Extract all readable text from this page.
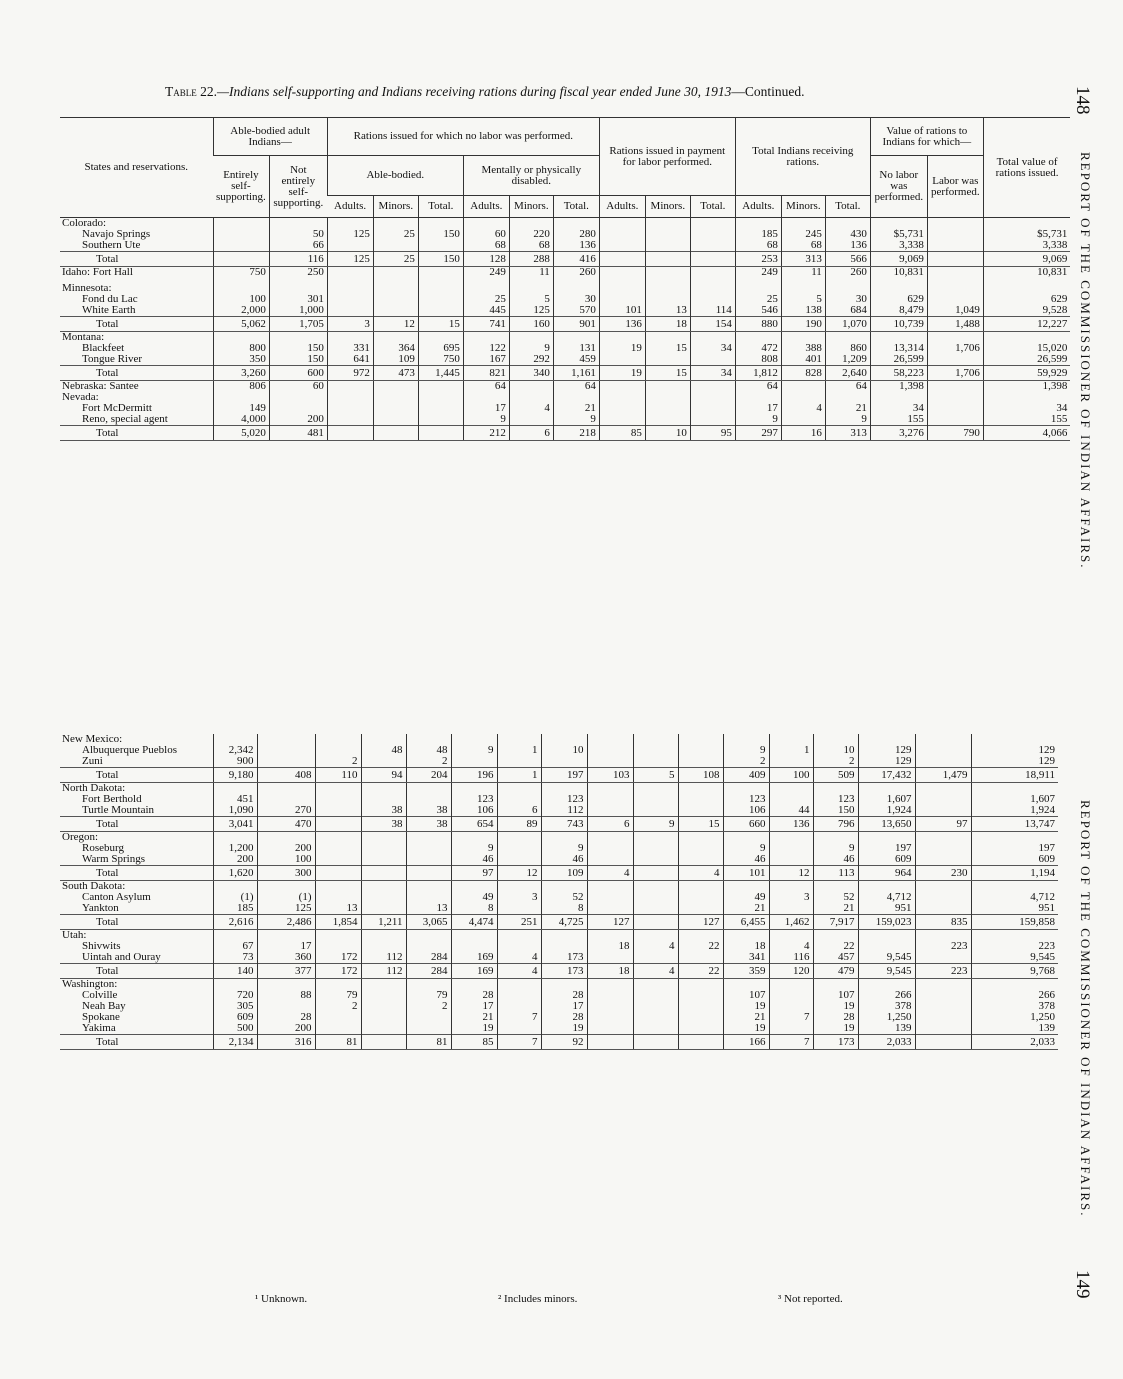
Table 22.—Indians self-supporting and Indians receiving rations during fiscal year ended June 30, 1913—Continued.	148
REPORT OF THE COMMISSIONER OF INDIAN AFFAIRS.
REPORT OF THE COMMISSIONER OF INDIAN AFFAIRS.
149
States and reservations.	Able-bodied adult Indians—		Rations issued for which no labor was performed.						Rations issued in payment for labor performed.			Total Indians receiving rations.			Value of rations to Indians for which—		Total value of rations issued.
	Entirely self-supporting.	Not entirely self-supporting.	Able-bodied.			Mentally or physically disabled.									No labor was performed.	Labor was performed.	
			Adults.	Minors.	Total.	Adults.	Minors.	Total.	Adults.	Minors.	Total.	Adults.	Minors.	Total.			
Colorado:																	
Navajo Springs		50	125	25	150	60	220	280				185	245	430	$5,731		$5,731
Southern Ute		66				68	68	136				68	68	136	3,338		3,338
Total		116	125	25	150	128	288	416				253	313	566	9,069		9,069
Idaho: Fort Hall	750	250				249	11	260				249	11	260	10,831		10,831

Minnesota:																	
Fond du Lac	100	301				25	5	30				25	5	30	629		629
White Earth	2,000	1,000				445	125	570	101	13	114	546	138	684	8,479	1,049	9,528
Total	5,062	1,705	3	12	15	741	160	901	136	18	154	880	190	1,070	10,739	1,488	12,227
Montana:																	
Blackfeet	800	150	331	364	695	122	9	131	19	15	34	472	388	860	13,314	1,706	15,020
Tongue River	350	150	641	109	750	167	292	459				808	401	1,209	26,599		26,599
Total	3,260	600	972	473	1,445	821	340	1,161	19	15	34	1,812	828	2,640	58,223	1,706	59,929
Nebraska: Santee	806	60				64		64				64		64	1,398		1,398
Nevada:																	
Fort McDermitt	149					17	4	21				17	4	21	34		34
Reno, special agent	4,000	200				9		9				9		9	155		155
Total	5,020	481				212	6	218	85	10	95	297	16	313	3,276	790	4,066
New Mexico:																	
Albuquerque Pueblos	2,342			48	48	9	1	10				9	1	10	129		129
Zuni	900		2		2							2		2	129		129
Total	9,180	408	110	94	204	196	1	197	103	5	108	409	100	509	17,432	1,479	18,911
North Dakota:																	
Fort Berthold	451					123		123				123		123	1,607		1,607
Turtle Mountain	1,090	270		38	38	106	6	112				106	44	150	1,924		1,924
Total	3,041	470		38	38	654	89	743	6	9	15	660	136	796	13,650	97	13,747
Oregon:																	
Roseburg	1,200	200				9		9				9		9	197		197
Warm Springs	200	100				46		46				46		46	609		609
Total	1,620	300				97	12	109	4		4	101	12	113	964	230	1,194
South Dakota:																	
Canton Asylum	(1)	(1)				49	3	52				49	3	52	4,712		4,712
Yankton	185	125	13		13	8		8				21		21	951		951
Total	2,616	2,486	1,854	1,211	3,065	4,474	251	4,725	127		127	6,455	1,462	7,917	159,023	835	159,858
Utah:																	
Shivwits	67	17							18	4	22	18	4	22		223	223
Uintah and Ouray	73	360	172	112	284	169	4	173				341	116	457	9,545		9,545
Total	140	377	172	112	284	169	4	173	18	4	22	359	120	479	9,545	223	9,768
Washington:																	
Colville	720	88	79		79	28		28				107		107	266		266
Neah Bay	305		2		2	17		17				19		19	378		378
Spokane	609	28				21	7	28				21	7	28	1,250		1,250
Yakima	500	200				19		19				19		19	139		139
Total	2,134	316	81		81	85	7	92				166	7	173	2,033		2,033
¹ Unknown.	² Includes minors.	³ Not reported.
